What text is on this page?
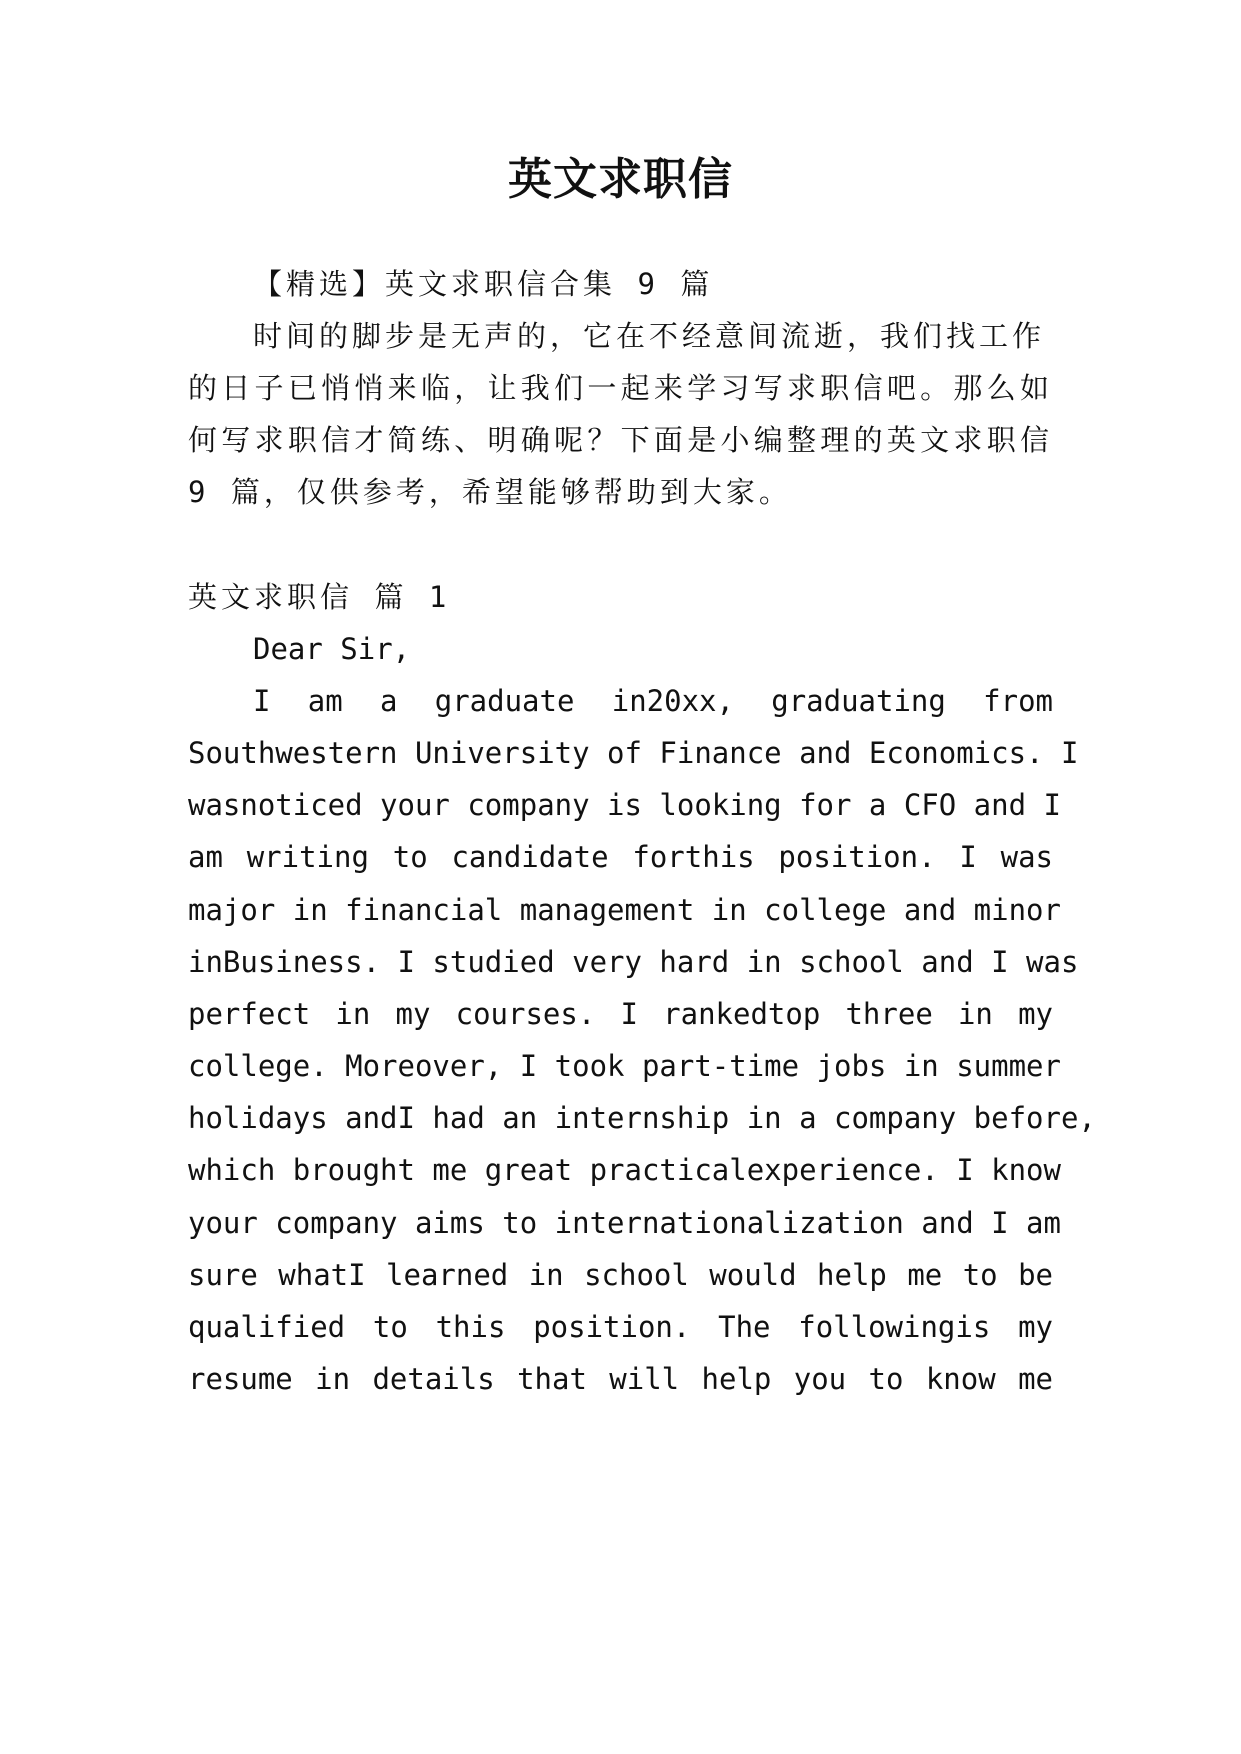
英文求职信
【精选】英文求职信合集 9 篇
时间的脚步是无声的，它在不经意间流逝，我们找工作
的日子已悄悄来临，让我们一起来学习写求职信吧。那么如
何写求职信才简练、明确呢？下面是小编整理的英文求职信
9 篇，仅供参考，希望能够帮助到大家。
英文求职信 篇 1
Dear Sir,
I am a graduate in20xx, graduating from
Southwestern University of Finance and Economics. I
wasnoticed your company is looking for a CFO and I
am writing to candidate forthis position. I was
major in financial management in college and minor
inBusiness. I studied very hard in school and I was
perfect in my courses. I rankedtop three in my
college. Moreover, I took part-time jobs in summer
holidays andI had an internship in a company before,
which brought me great practicalexperience. I know
your company aims to internationalization and I am
sure whatI learned in school would help me to be
qualified to this position. The followingis my
resume in details that will help you to know me
